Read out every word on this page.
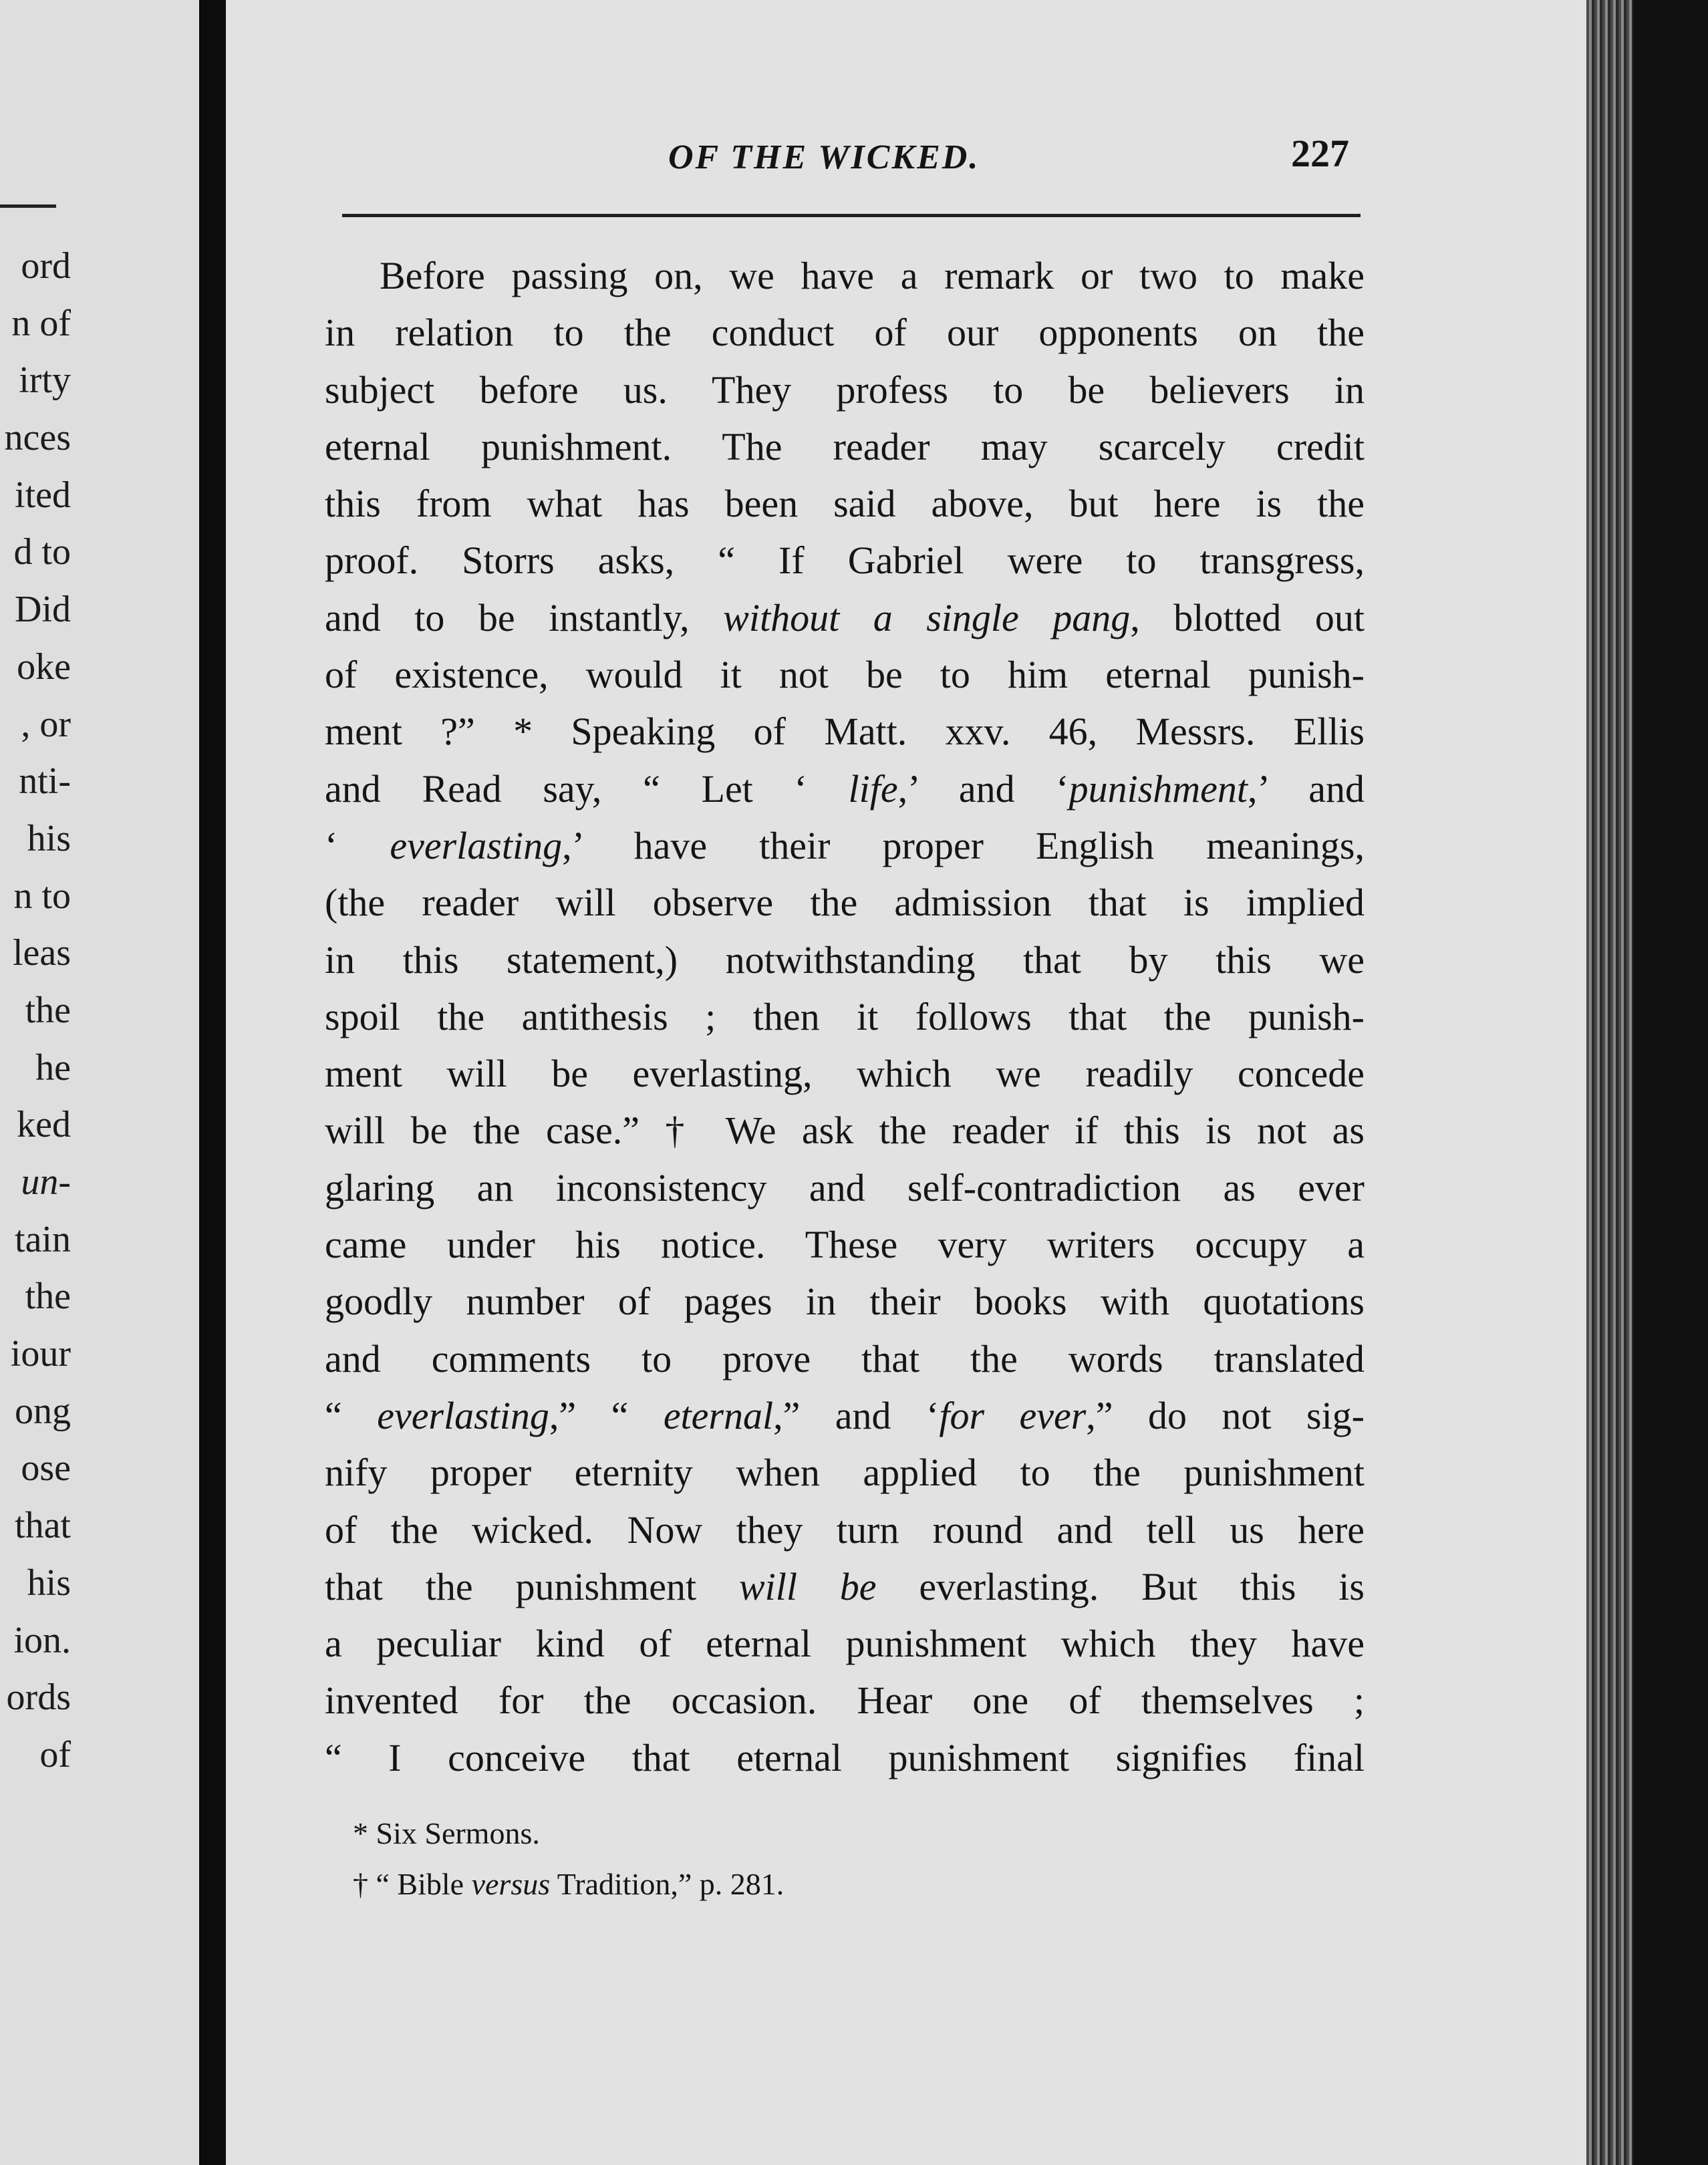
ord
n of
irty
nces
ited
d to
Did
oke
, or
nti-
his
n to
leas
the
he
ked
un-
tain
the
iour
ong
ose
that
his
ion.
ords
of
OF THE WICKED.	227
Before passing on, we have a remark or two to make
in relation to the conduct of our opponents on the
subject before us. They profess to be believers in
eternal punishment. The reader may scarcely credit
this from what has been said above, but here is the
proof. Storrs asks, “ If Gabriel were to transgress,
and to be instantly, without a single pang, blotted out
of existence, would it not be to him eternal punish-
ment ?” * Speaking of Matt. xxv. 46, Messrs. Ellis
and Read say, “ Let ‘ life,’ and ‘punishment,’ and
‘ everlasting,’ have their proper English meanings,
(the reader will observe the admission that is implied
in this statement,) notwithstanding that by this we
spoil the antithesis ; then it follows that the punish-
ment will be everlasting, which we readily concede
will be the case.” † We ask the reader if this is not as
glaring an inconsistency and self-contradiction as ever
came under his notice. These very writers occupy a
goodly number of pages in their books with quotations
and comments to prove that the words translated
“ everlasting,” “ eternal,” and ‘for ever,” do not sig-
nify proper eternity when applied to the punishment
of the wicked. Now they turn round and tell us here
that the punishment will be everlasting. But this is
a peculiar kind of eternal punishment which they have
invented for the occasion. Hear one of themselves ;
“ I conceive that eternal punishment signifies final
* Six Sermons.
† “ Bible versus Tradition,” p. 281.
